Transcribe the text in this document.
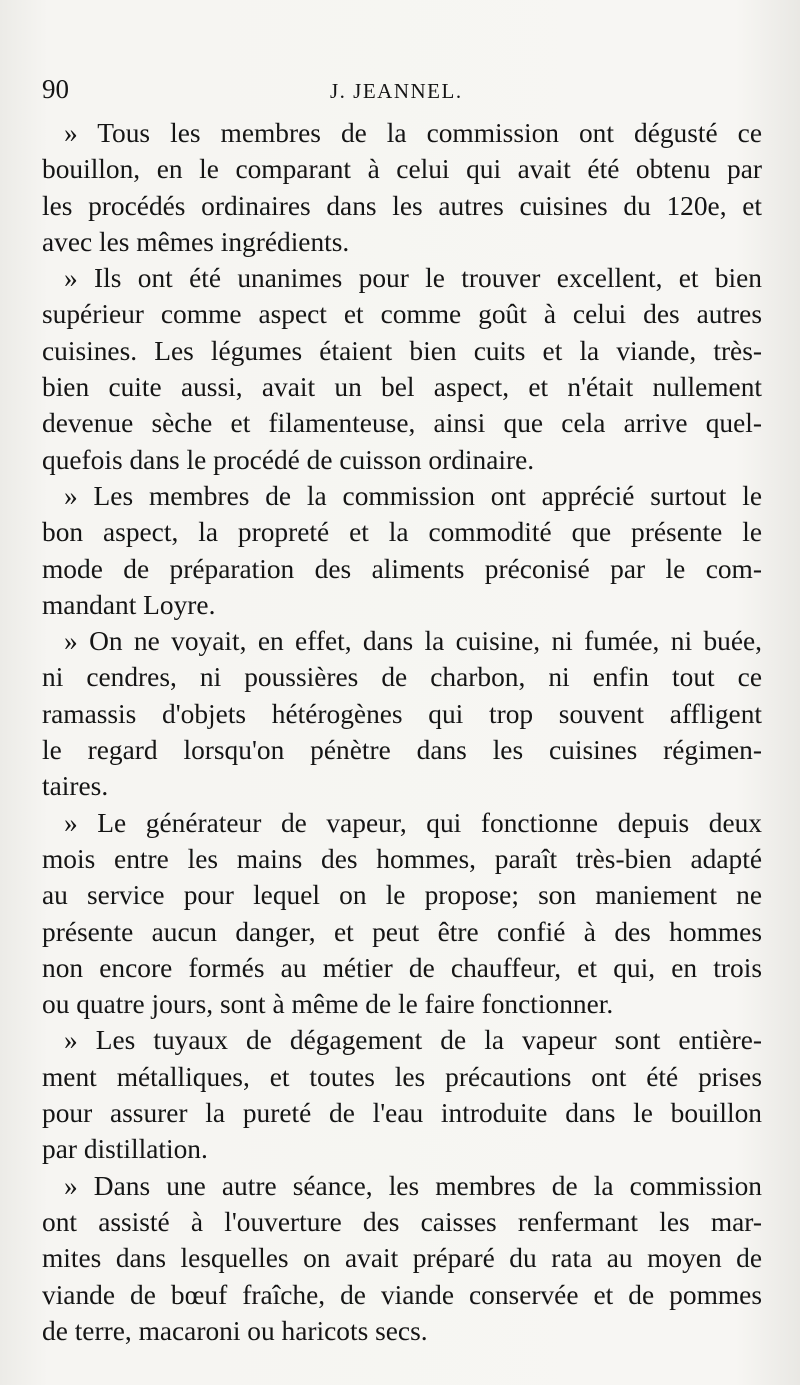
90	J. JEANNEL.

» Tous les membres de la commission ont dégusté ce
bouillon, en le comparant à celui qui avait été obtenu par
les procédés ordinaires dans les autres cuisines du 120e, et
avec les mêmes ingrédients.

» Ils ont été unanimes pour le trouver excellent, et bien
supérieur comme aspect et comme goût à celui des autres
cuisines. Les légumes étaient bien cuits et la viande, très-
bien cuite aussi, avait un bel aspect, et n'était nullement
devenue sèche et filamenteuse, ainsi que cela arrive quel-
quefois dans le procédé de cuisson ordinaire.

» Les membres de la commission ont apprécié surtout le
bon aspect, la propreté et la commodité que présente le
mode de préparation des aliments préconisé par le com-
mandant Loyre.

» On ne voyait, en effet, dans la cuisine, ni fumée, ni buée,
ni cendres, ni poussières de charbon, ni enfin tout ce
ramassis d'objets hétérogènes qui trop souvent affligent
le regard lorsqu'on pénètre dans les cuisines régimen-
taires.

» Le générateur de vapeur, qui fonctionne depuis deux
mois entre les mains des hommes, paraît très-bien adapté
au service pour lequel on le propose; son maniement ne
présente aucun danger, et peut être confié à des hommes
non encore formés au métier de chauffeur, et qui, en trois
ou quatre jours, sont à même de le faire fonctionner.

» Les tuyaux de dégagement de la vapeur sont entière-
ment métalliques, et toutes les précautions ont été prises
pour assurer la pureté de l'eau introduite dans le bouillon
par distillation.

» Dans une autre séance, les membres de la commission
ont assisté à l'ouverture des caisses renfermant les mar-
mites dans lesquelles on avait préparé du rata au moyen de
viande de bœuf fraîche, de viande conservée et de pommes
de terre, macaroni ou haricots secs.
